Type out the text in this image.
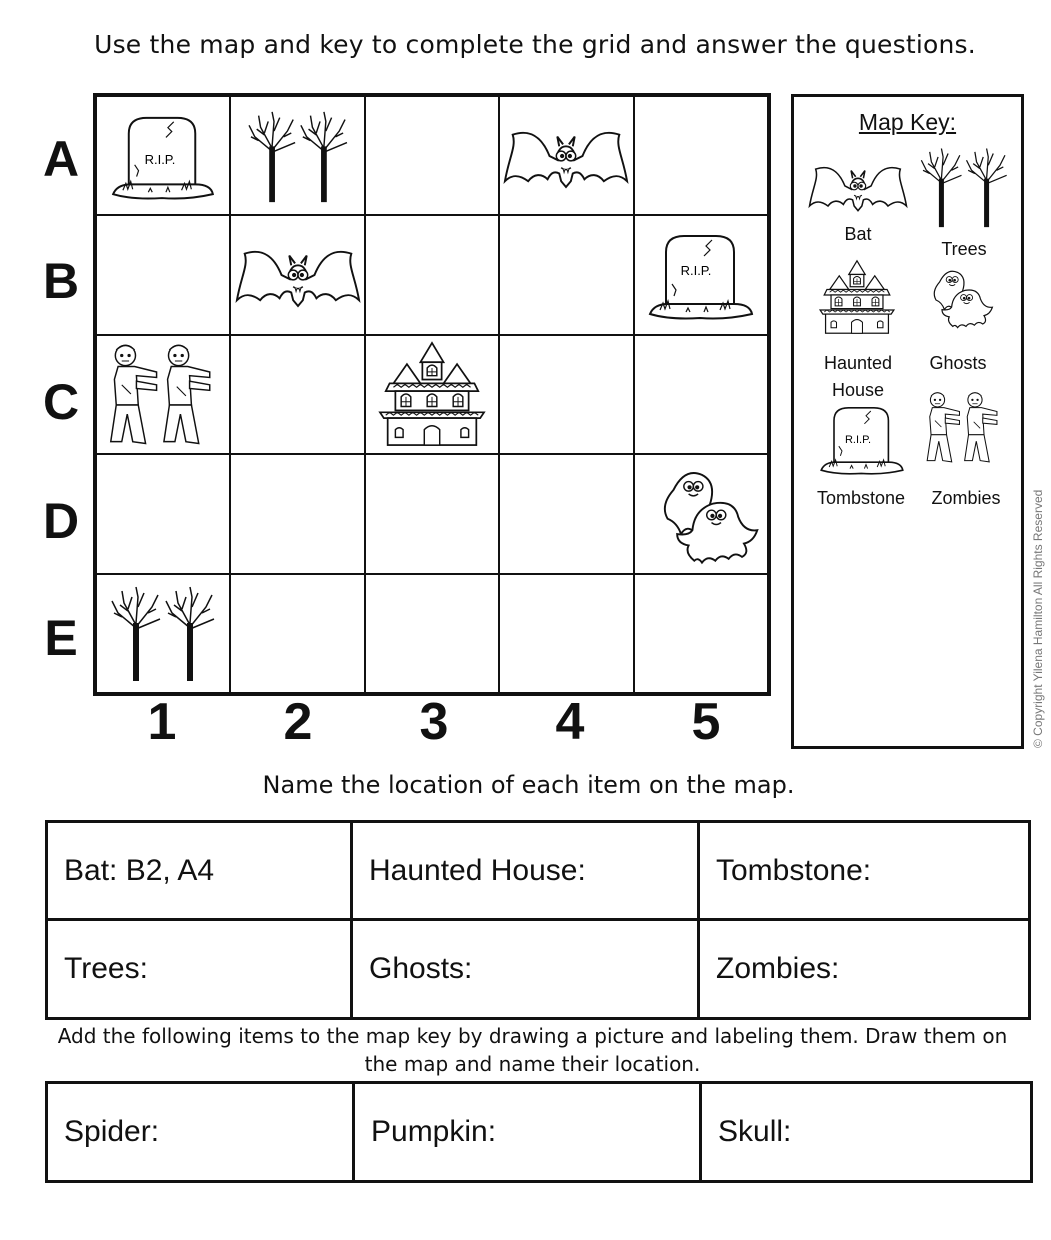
Use the map and key to complete the grid and answer the questions.
A
B
C
D
E
R.I.P.
R.I.P.
1 2 3 4 5
Map Key:
Bat
Trees
Haunted
House
Ghosts
R.I.P.
Tombstone	Zombies	© Copyright Yilena Hamilton All Rights Reserved
Name the location of each item on the map.
Bat: B2, A4	Haunted House:	Tombstone:
Trees:	Ghosts:	Zombies:
Add the following items to the map key by drawing a picture and labeling them. Draw them on the map and name their location.
Spider:	Pumpkin:	Skull:
